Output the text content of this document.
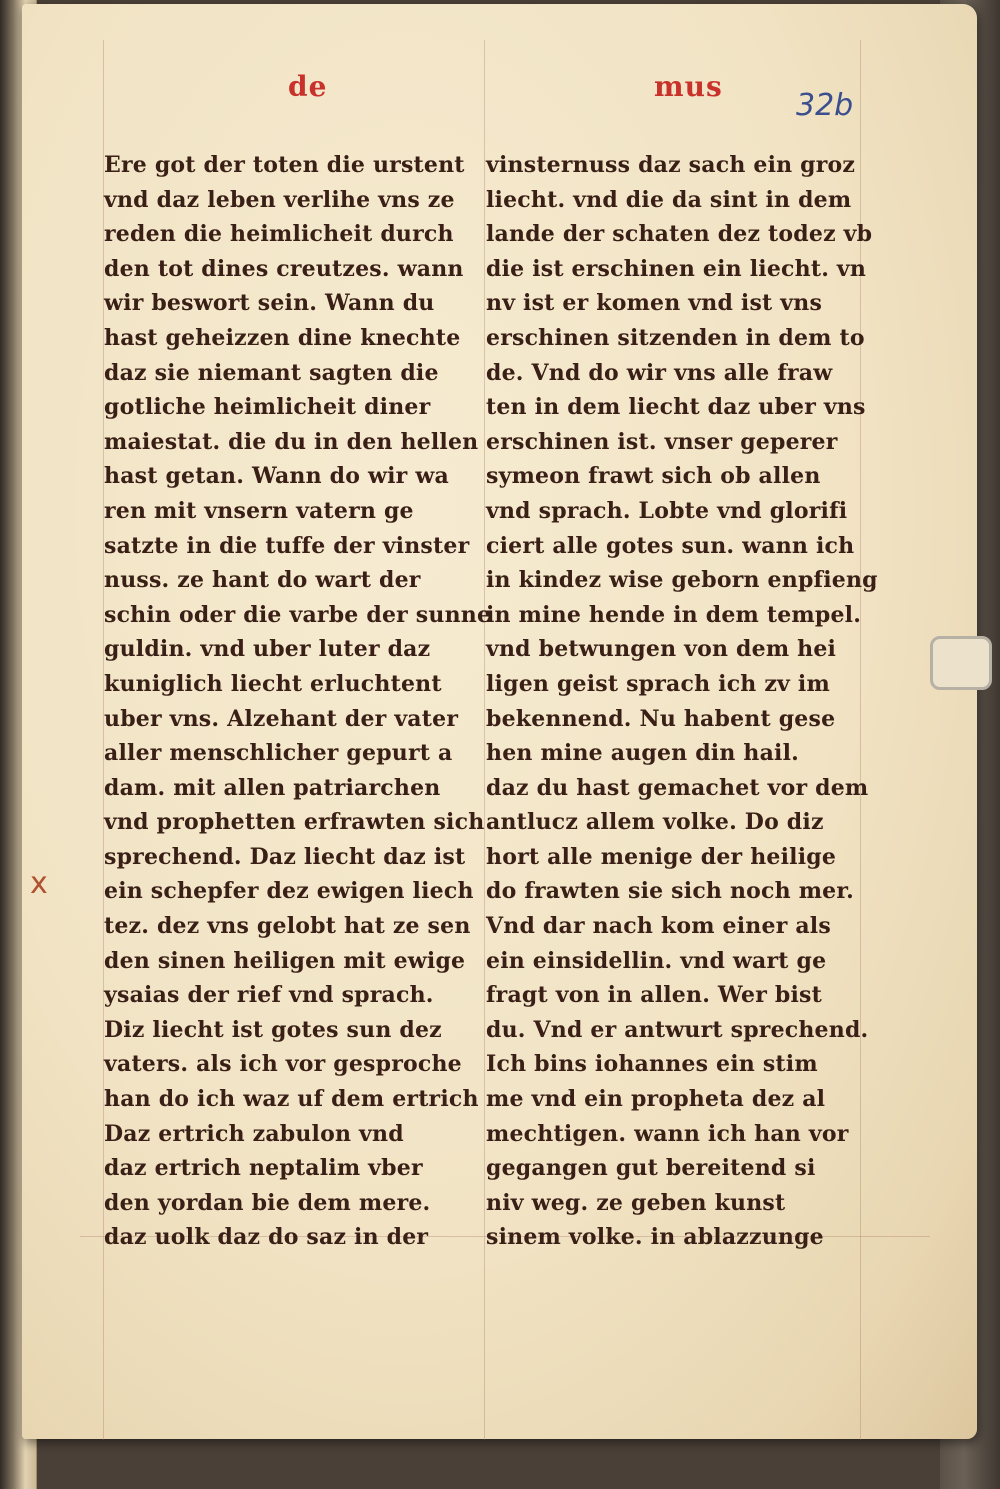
de	mus
32b
x
Ere got der toten die urstent
vnd daz leben verlihe vns ze
reden die heimlicheit durch
den tot dines creutzes. wann
wir beswort sein. Wann du
hast geheizzen dine knechte
daz sie niemant sagten die
gotliche heimlicheit diner
maiestat. die du in den hellen
hast getan. Wann do wir wa
ren mit vnsern vatern ge
satzte in die tuffe der vinster
nuss. ze hant do wart der
schin oder die varbe der sunne
guldin. vnd uber luter daz
kuniglich liecht erluchtent
uber vns. Alzehant der vater
aller menschlicher gepurt a
dam. mit allen patriarchen
vnd prophetten erfrawten sich
sprechend. Daz liecht daz ist
ein schepfer dez ewigen liech
tez. dez vns gelobt hat ze sen
den sinen heiligen mit ewige
ysaias der rief vnd sprach.
Diz liecht ist gotes sun dez
vaters. als ich vor gesproche
han do ich waz uf dem ertrich
Daz ertrich zabulon vnd
daz ertrich neptalim vber
den yordan bie dem mere.
daz uolk daz do saz in der
vinsternuss daz sach ein groz
liecht. vnd die da sint in dem
lande der schaten dez todez vb
die ist erschinen ein liecht. vn
nv ist er komen vnd ist vns
erschinen sitzenden in dem to
de. Vnd do wir vns alle fraw
ten in dem liecht daz uber vns
erschinen ist. vnser geperer
symeon frawt sich ob allen
vnd sprach. Lobte vnd glorifi
ciert alle gotes sun. wann ich
in kindez wise geborn enpfieng
in mine hende in dem tempel.
vnd betwungen von dem hei
ligen geist sprach ich zv im
bekennend. Nu habent gese
hen mine augen din hail.
daz du hast gemachet vor dem
antlucz allem volke. Do diz
hort alle menige der heilige
do frawten sie sich noch mer.
Vnd dar nach kom einer als
ein einsidellin. vnd wart ge
fragt von in allen. Wer bist
du. Vnd er antwurt sprechend.
Ich bins iohannes ein stim
me vnd ein propheta dez al
mechtigen. wann ich han vor
gegangen gut bereitend si
niv weg. ze geben kunst
sinem volke. in ablazzunge
